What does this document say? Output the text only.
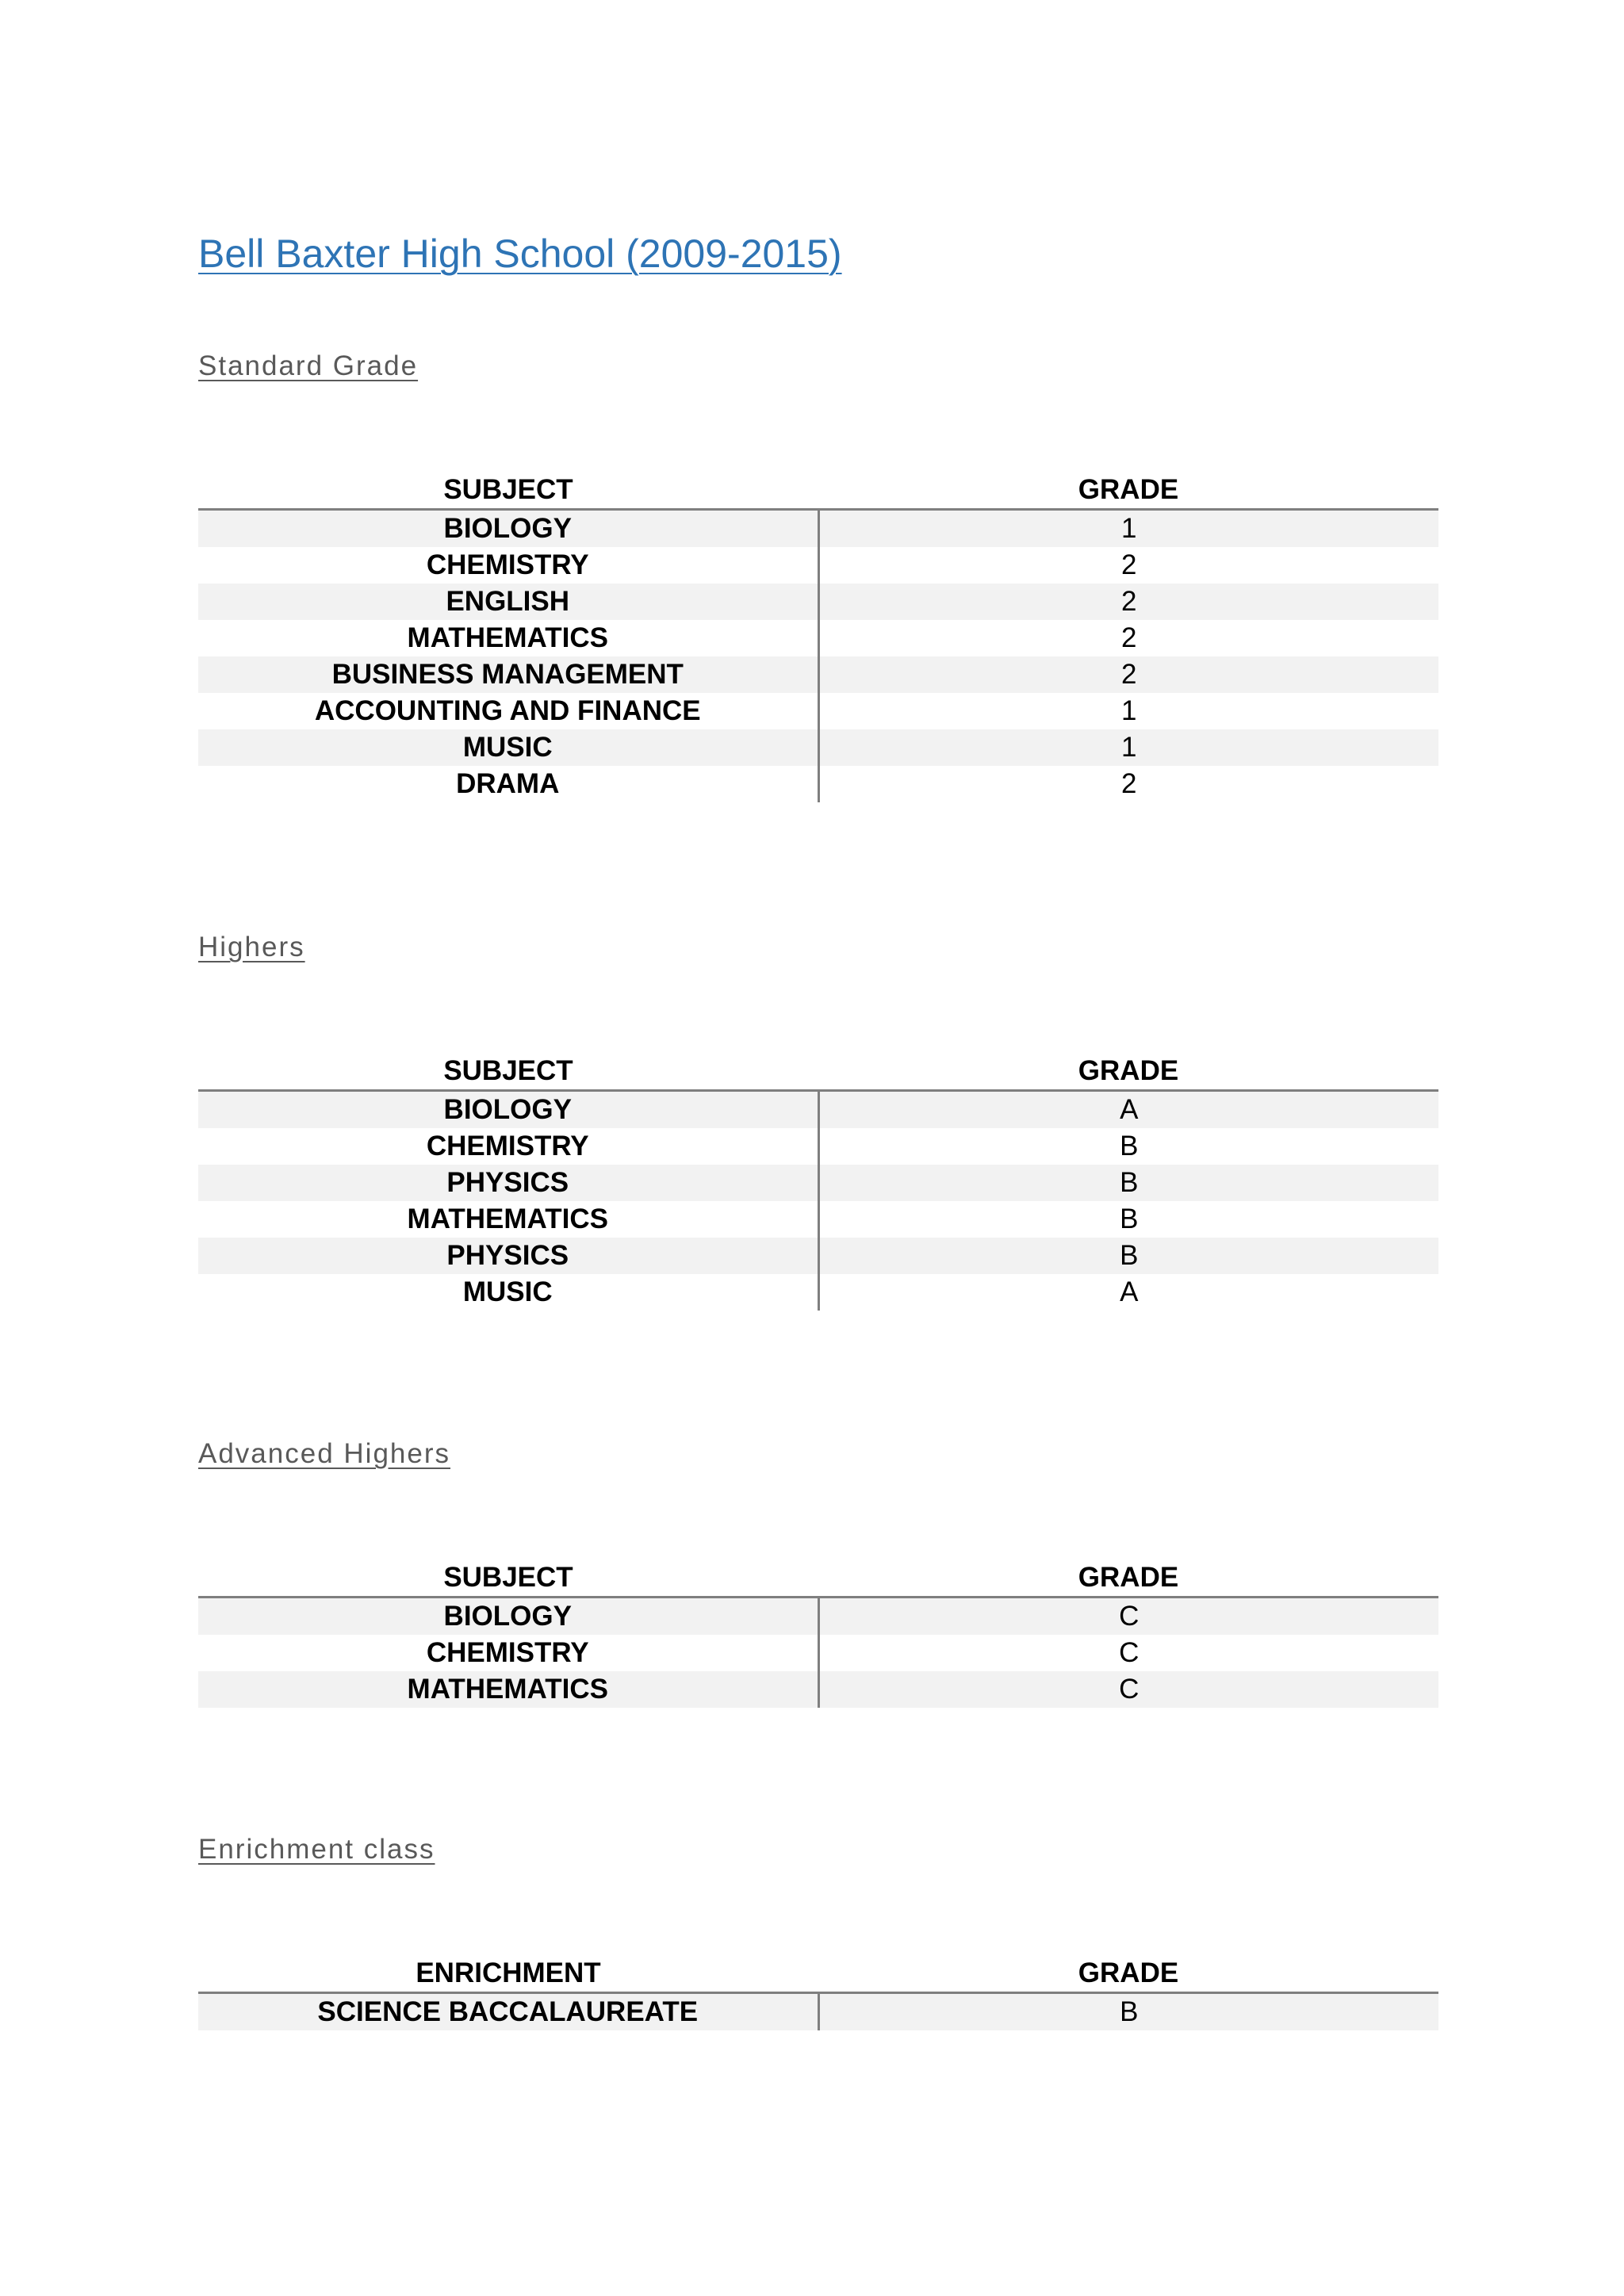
Bell Baxter High School (2009-2015)
Standard Grade
SUBJECT	GRADE
BIOLOGY	1
CHEMISTRY	2
ENGLISH	2
MATHEMATICS	2
BUSINESS MANAGEMENT	2
ACCOUNTING AND FINANCE	1
MUSIC	1
DRAMA	2
Highers
SUBJECT	GRADE
BIOLOGY	A
CHEMISTRY	B
PHYSICS	B
MATHEMATICS	B
PHYSICS	B
MUSIC	A
Advanced Highers
SUBJECT	GRADE
BIOLOGY	C
CHEMISTRY	C
MATHEMATICS	C
Enrichment class
ENRICHMENT	GRADE
SCIENCE BACCALAUREATE	B
